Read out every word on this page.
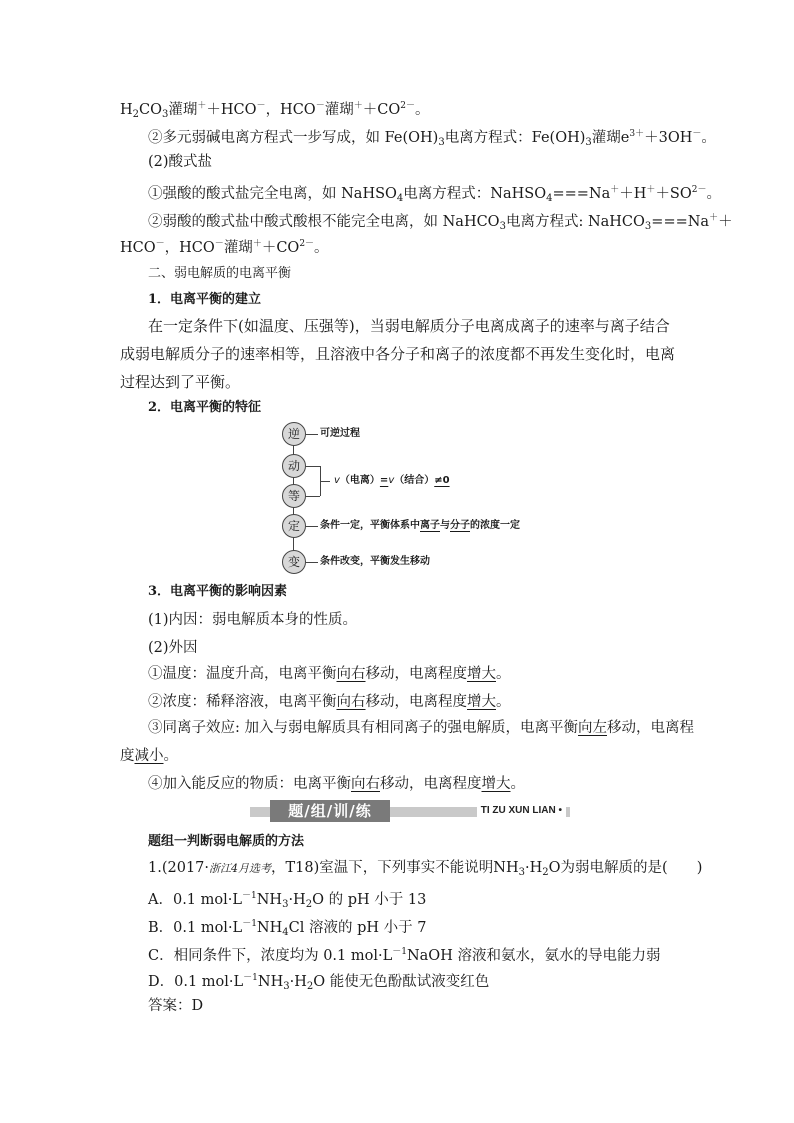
$H_2CO_3$灌瑚＋＋HCO－，HCO－灌瑚$^++CO^{2-}$。
②多元弱碱电离方程式一步写成，如 $Fe(OH)_3$电离方程式：$Fe(OH)_3$灌瑚$e^{3+}+3OH^-$。
(2)酸式盐
①强酸的酸式盐完全电离，如 NaHSO$_4$电离方程式：$NaHSO_4===Na^++H^++SO^{2-}$。
②弱酸的酸式盐中酸式酸根不能完全电离，如 NaHCO$_3$电离方程式: NaHCO$_3$===Na＋＋
HCO－，HCO－灌瑚$^++CO^{2-}$。
二、弱电解质的电离平衡
1．电离平衡的建立
在一定条件下(如温度、压强等)，当弱电解质分子电离成离子的速率与离子结合成弱电解质分子的速率相等，且溶液中各分子和离子的浓度都不再发生变化时，电离过程达到了平衡。
2．电离平衡的特征
逆
动
等
定
变
可逆过程
v（电离）=v（结合）≠0
条件一定，平衡体系中离子与分子的浓度一定
条件改变，平衡发生移动
3．电离平衡的影响因素
(1)内因：弱电解质本身的性质。
(2)外因
①温度：温度升高，电离平衡向右移动，电离程度增大。
②浓度：稀释溶液，电离平衡向右移动，电离程度增大。
③同离子效应: 加入与弱电解质具有相同离子的强电解质，电离平衡向左移动，电离程
度减小。
④加入能反应的物质：电离平衡向右移动，电离程度增大。
题/组/训/练	TI ZU XUN LIAN •
题组一判断弱电解质的方法
1.(2017·浙江4月选考，T18)室温下，下列事实不能说明$NH_3\cdot H_2O$为弱电解质的是(　　)
A．0.1 $mol\cdot L^{-1}NH_3\cdot H_2O$ 的 pH 小于 13
B．0.1 $mol\cdot L^{-1}NH_4Cl$ 溶液的 pH 小于 7
C．相同条件下，浓度均为 0.1 $mol\cdot L^{-1}NaOH$ 溶液和氨水，氨水的导电能力弱
D．0.1 $mol\cdot L^{-1}NH_3\cdot H_2O$ 能使无色酚酞试液变红色
答案：D
